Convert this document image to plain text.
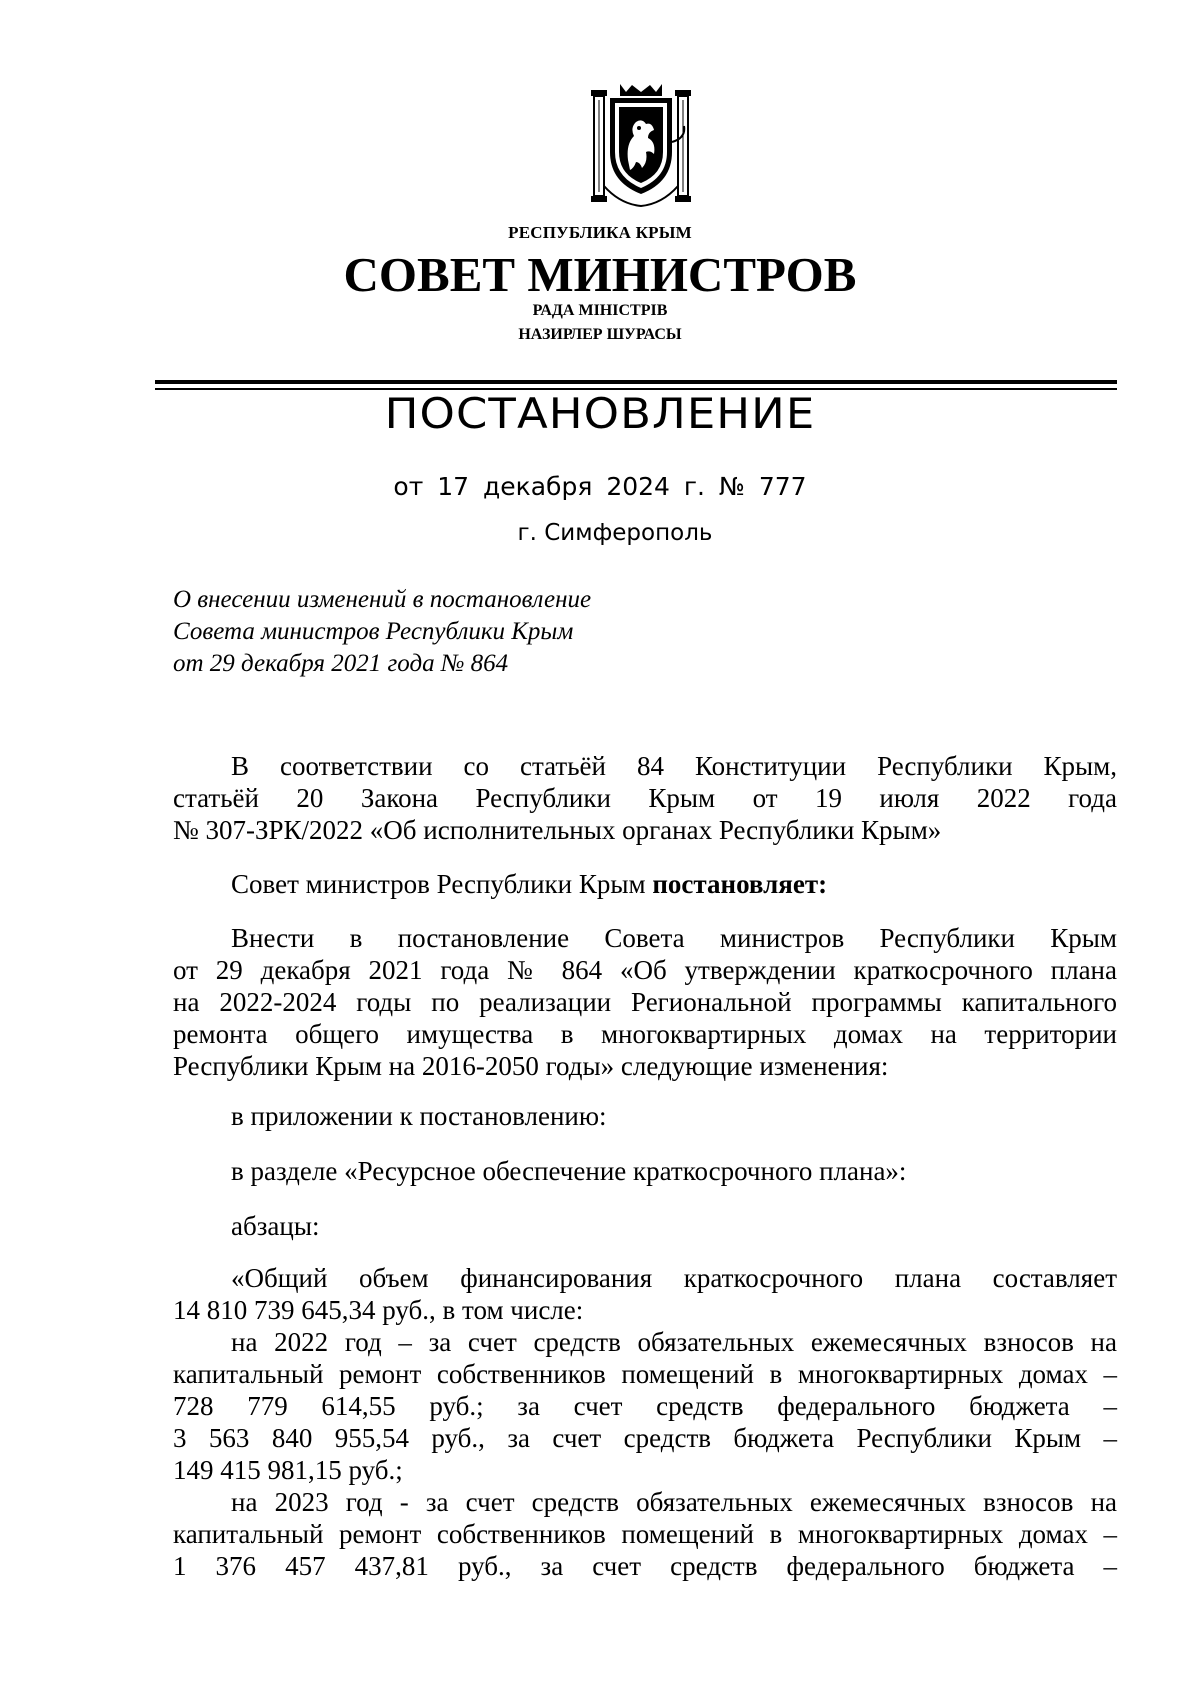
РЕСПУБЛИКА КРЫМ
СОВЕТ МИНИСТРОВ
РАДА МІНІСТРІВ
НАЗИРЛЕР ШУРАСЫ
ПОСТАНОВЛЕНИЕ
от 17 декабря 2024 г. № 777
г. Симферополь
О внесении изменений в постановление
Совета министров Республики Крым
от 29 декабря 2021 года № 864
В соответствии со статьёй 84 Конституции Республики Крым,
статьёй 20 Закона Республики Крым от 19 июля 2022 года
№ 307-ЗРК/2022 «Об исполнительных органах Республики Крым»
Совет министров Республики Крым постановляет:
Внести в постановление Совета министров Республики Крым
от 29 декабря 2021 года № 864 «Об утверждении краткосрочного плана
на 2022-2024 годы по реализации Региональной программы капитального
ремонта общего имущества в многоквартирных домах на территории
Республики Крым на 2016-2050 годы» следующие изменения:
в приложении к постановлению:
в разделе «Ресурсное обеспечение краткосрочного плана»:
абзацы:
«Общий объем финансирования краткосрочного плана составляет
14 810 739 645,34 руб., в том числе:
на 2022 год – за счет средств обязательных ежемесячных взносов на
капитальный ремонт собственников помещений в многоквартирных домах –
728 779 614,55 руб.; за счет средств федерального бюджета –
3 563 840 955,54 руб., за счет средств бюджета Республики Крым –
149 415 981,15 руб.;
на 2023 год - за счет средств обязательных ежемесячных взносов на
капитальный ремонт собственников помещений в многоквартирных домах –
1 376 457 437,81 руб., за счет средств федерального бюджета –
